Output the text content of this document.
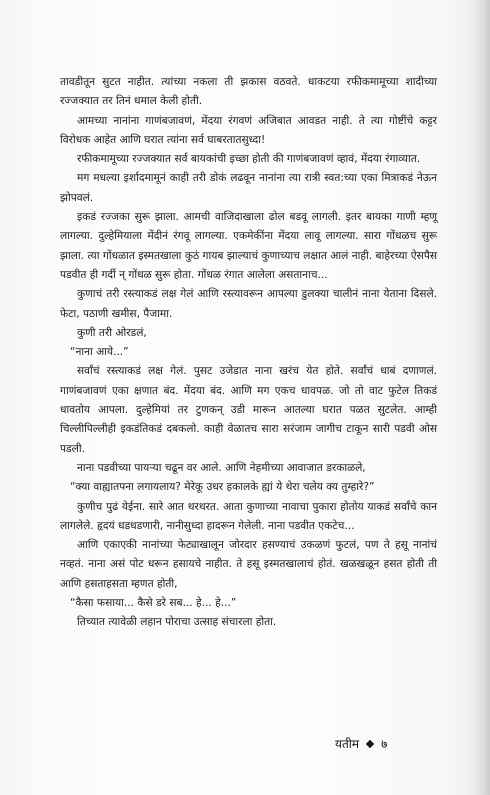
तावडीतून सुटत नाहीत. त्यांच्या नकला ती झकास वठवते. धाकटया रफीकमामूच्या शादीच्या रज्जक्यात तर तिनं धमाल केली होती.

आमच्या नानांना गाणंबजावणं, मेंदया रंगवणं अजिबात आवडत नाही. ते त्या गोष्टींचे कट्टर विरोधक आहेत आणि घरात त्यांना सर्व घाबरतातसुध्दा!

रफीकमामूच्या रज्जक्यात सर्व बायकांची इच्छा होती की गाणंबजावणं व्हावं, मेंदया रंगाव्यात.

मग मधल्या इर्शादमामूनं काही तरी डोकं लढवून नानांना त्या रात्री स्वत:च्या एका मित्राकडं नेऊन झोपवलं.

इकडं रज्जका सुरू झाला. आमची वाजिदाखाला ढोल बडवू लागली. इतर बायका गाणी म्हणू लागल्या. दुल्हेमियाला मेंदीनं रंगवू लागल्या. एकमेकींना मेंदया लावू लागल्या. सारा गोंधळच सुरू झाला. त्या गोंधळात इस्मतखाला कुठं गायब झाल्याचं कुणाच्याच लक्षात आलं नाही. बाहेरच्या ऐसपैस पडवीत ही गर्दी न् गोंधळ सुरू होता. गोंधळ रंगात आलेला असतानाच...

कुणाचं तरी रस्त्याकडं लक्ष गेलं आणि रस्त्यावरून आपल्या डुलक्या चालीनं नाना येताना दिसले. फेटा, पठाणी खमीस, पैजामा.

कुणी तरी ओरडलं,

“नाना आये...”

सर्वांचं रस्त्याकडं लक्ष गेलं. पुसट उजेडात नाना खरंच येत होते. सर्वांचं धाबं दणाणलं. गाणंबजावणं एका क्षणात बंद. मेंदया बंद. आणि मग एकच धावपळ. जो तो वाट फुटेल तिकडं धावतोय आपला. दुल्हेमियां तर टुणकन् उडी मारून आतल्या घरात पळत सुटलेत. आम्ही चिल्लीपिल्लीही इकडंतिकडं दबकलो. काही वेळातच सारा सरंजाम जागीच टाकून सारी पडवी ओस पडली.

नाना पडवीच्या पायऱ्या चढून वर आले. आणि नेहमीच्या आवाजात डरकाळले,

“क्या वाह्यातपना लगायलाय? मेरेकू उधर हकालके ह्यां ये थेरा चलेय क्य तुम्हारे?”

कुणीच पुढं येईना. सारे आत थरथरत. आता कुणाच्या नावाचा पुकारा होतोय याकडं सर्वांचे कान लागलेले. हृदयं धडधडणारी, नानीसुध्दा हादरून गेलेली. नाना पडवीत एकटेच...

आणि एकाएकी नानांच्या फेट्याखालून जोरदार हसण्याचं उकळणं फुटलं, पण ते हसू नानांचं नव्हतं. नाना असं पोट धरून हसायचे नाहीत. ते हसू इस्मतखालाचं होतं. खळखळून हसत होती ती आणि हसताहसता म्हणत होती,

“कैसा फसाया... कैसे डरे सब... हे... हे...”

तिच्यात त्यावेळी लहान पोराचा उत्साह संचारला होता.

यतीम ७
